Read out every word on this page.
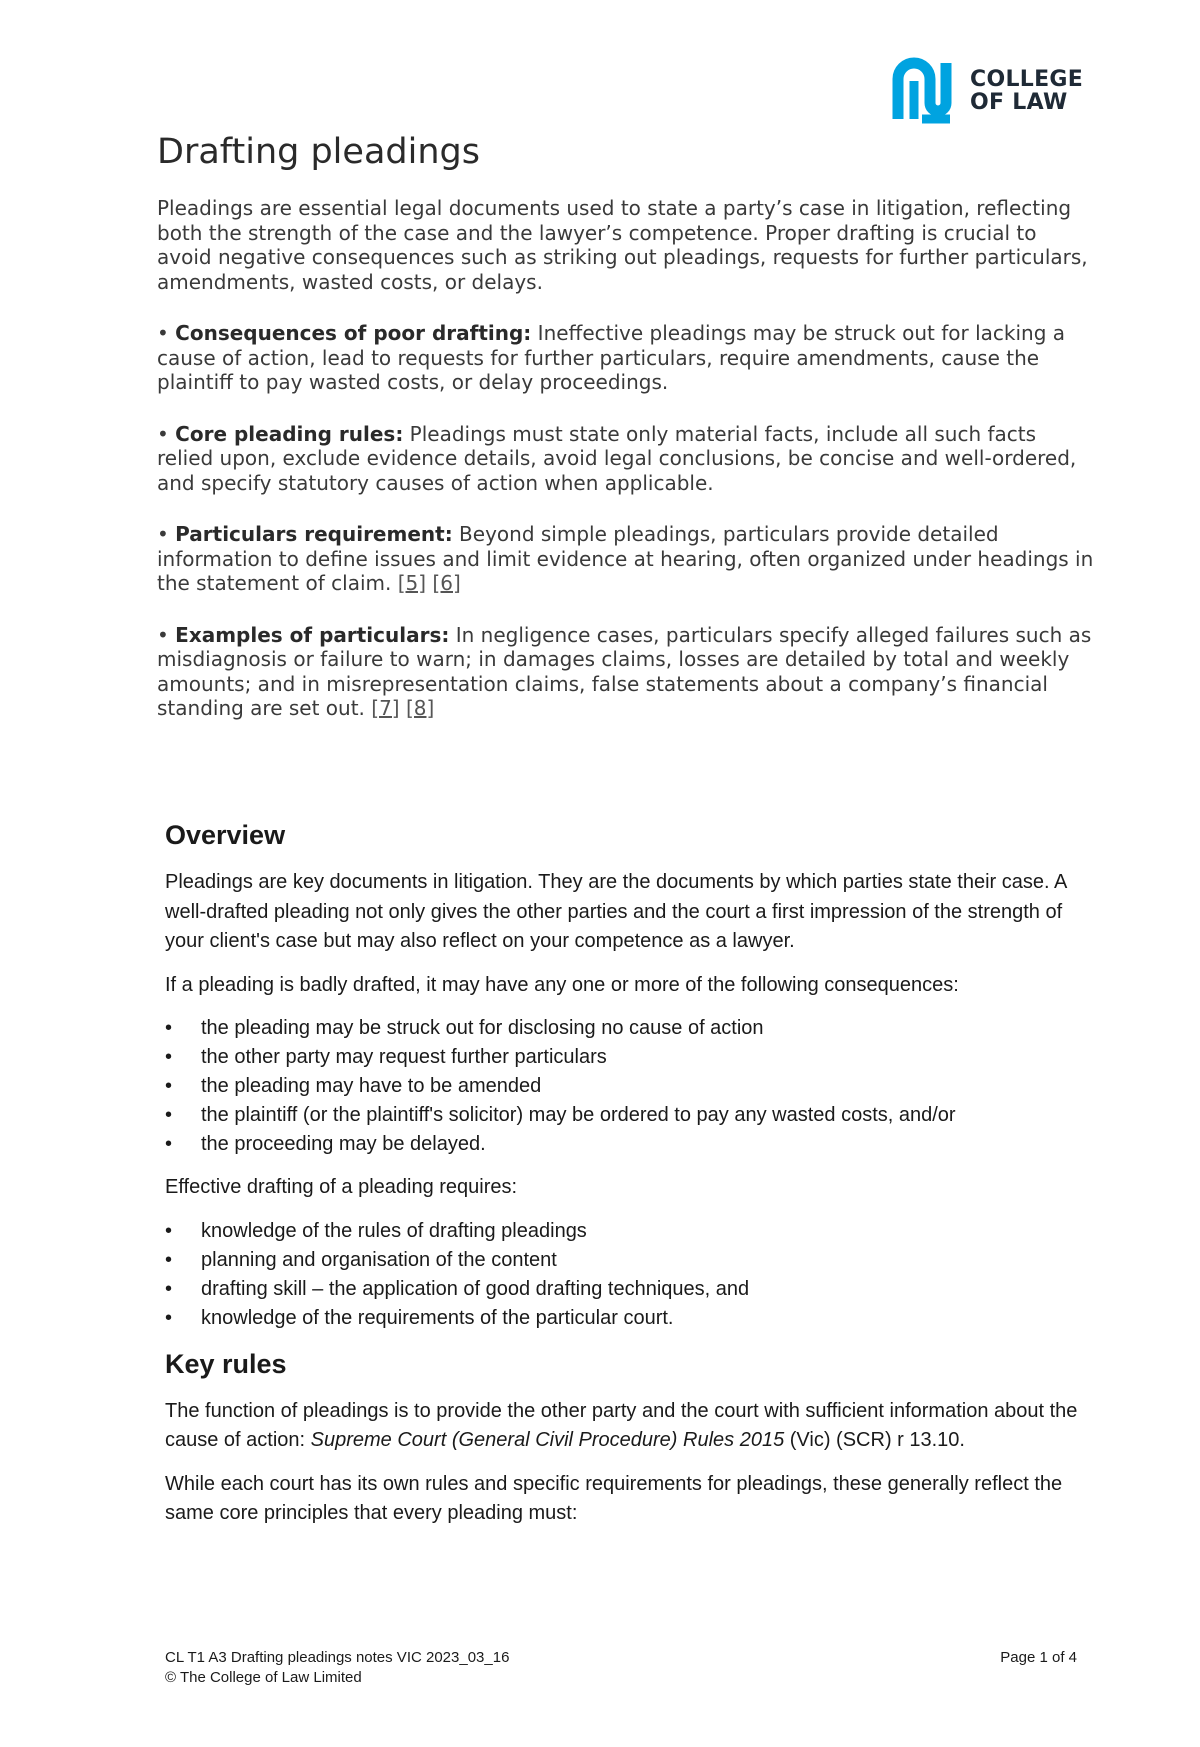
COLLEGE
OF LAW
Drafting pleadings

Pleadings are essential legal documents used to state a party’s case in litigation, reflecting both the strength of the case and the lawyer’s competence. Proper drafting is crucial to avoid negative consequences such as striking out pleadings, requests for further particulars, amendments, wasted costs, or delays.

• Consequences of poor drafting: Ineffective pleadings may be struck out for lacking a cause of action, lead to requests for further particulars, require amendments, cause the plaintiff to pay wasted costs, or delay proceedings.

• Core pleading rules: Pleadings must state only material facts, include all such facts relied upon, exclude evidence details, avoid legal conclusions, be concise and well-ordered, and specify statutory causes of action when applicable.

• Particulars requirement: Beyond simple pleadings, particulars provide detailed information to define issues and limit evidence at hearing, often organized under headings in the statement of claim. [5] [6]

• Examples of particulars: In negligence cases, particulars specify alleged failures such as misdiagnosis or failure to warn; in damages claims, losses are detailed by total and weekly amounts; and in misrepresentation claims, false statements about a company’s financial standing are set out. [7] [8]

Overview

Pleadings are key documents in litigation. They are the documents by which parties state their case. A well-drafted pleading not only gives the other parties and the court a first impression of the strength of your client's case but may also reflect on your competence as a lawyer.

If a pleading is badly drafted, it may have any one or more of the following consequences:

•	the pleading may be struck out for disclosing no cause of action
•	the other party may request further particulars
•	the pleading may have to be amended
•	the plaintiff (or the plaintiff's solicitor) may be ordered to pay any wasted costs, and/or
•	the proceeding may be delayed.

Effective drafting of a pleading requires:

•	knowledge of the rules of drafting pleadings
•	planning and organisation of the content
•	drafting skill – the application of good drafting techniques, and
•	knowledge of the requirements of the particular court.
Key rules

The function of pleadings is to provide the other party and the court with sufficient information about the cause of action: Supreme Court (General Civil Procedure) Rules 2015 (Vic) (SCR) r 13.10.

While each court has its own rules and specific requirements for pleadings, these generally reflect the same core principles that every pleading must:

CL T1 A3 Drafting pleadings notes VIC 2023_03_16	Page 1 of 4
© The College of Law Limited
